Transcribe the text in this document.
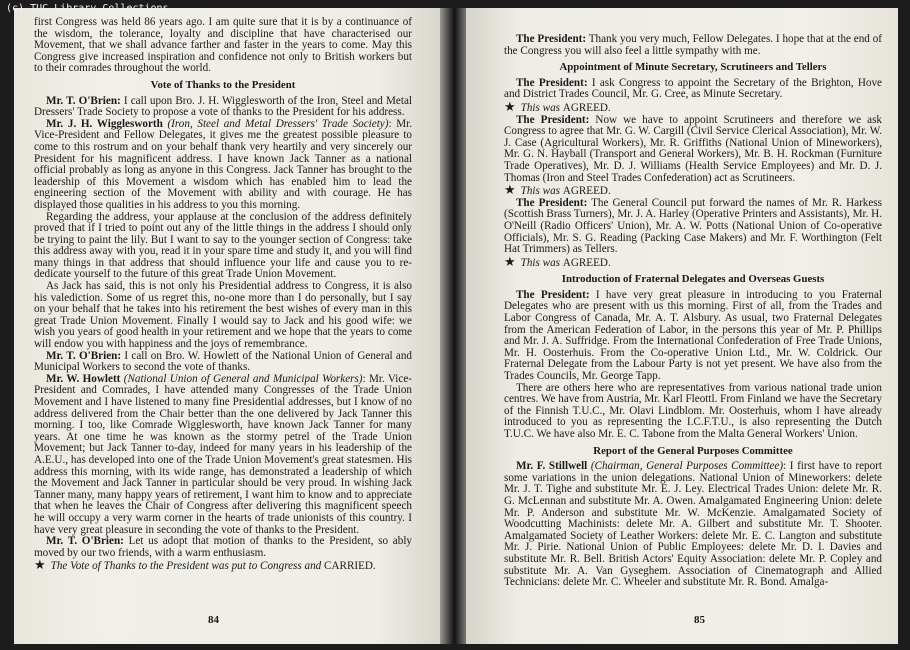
(c) TUC Library Collections

first Congress was held 86 years ago. I am quite sure that it is by a continuance of the wisdom, the tolerance, loyalty and discipline that have characterised our Movement, that we shall advance farther and faster in the years to come. May this Congress give increased inspiration and confidence not only to British workers but to their comrades throughout the world.

Vote of Thanks to the President

Mr. T. O'Brien: I call upon Bro. J. H. Wigglesworth of the Iron, Steel and Metal Dressers' Trade Society to propose a vote of thanks to the President for his address.

Mr. J. H. Wigglesworth (Iron, Steel and Metal Dressers' Trade Society): Mr. Vice-President and Fellow Delegates, it gives me the greatest possible pleasure to come to this rostrum and on your behalf thank very heartily and very sincerely our President for his magnificent address. I have known Jack Tanner as a national official probably as long as anyone in this Congress. Jack Tanner has brought to the leadership of this Movement a wisdom which has enabled him to lead the engineering section of the Movement with ability and with courage. He has displayed those qualities in his address to you this morning.

Regarding the address, your applause at the conclusion of the address definitely proved that if I tried to point out any of the little things in the address I should only be trying to paint the lily. But I want to say to the younger section of Congress: take this address away with you, read it in your spare time and study it, and you will find many things in that address that should influence your life and cause you to re-dedicate yourself to the future of this great Trade Union Movement.

As Jack has said, this is not only his Presidential address to Congress, it is also his valediction. Some of us regret this, no-one more than I do personally, but I say on your behalf that he takes into his retirement the best wishes of every man in this great Trade Union Movement. Finally I would say to Jack and his good wife: we wish you years of good health in your retirement and we hope that the years to come will endow you with happiness and the joys of remembrance.

Mr. T. O'Brien: I call on Bro. W. Howlett of the National Union of General and Municipal Workers to second the vote of thanks.

Mr. W. Howlett (National Union of General and Municipal Workers): Mr. Vice-President and Comrades, I have attended many Congresses of the Trade Union Movement and I have listened to many fine Presidential addresses, but I know of no address delivered from the Chair better than the one delivered by Jack Tanner this morning. I too, like Comrade Wigglesworth, have known Jack Tanner for many years. At one time he was known as the stormy petrel of the Trade Union Movement; but Jack Tanner to-day, indeed for many years in his leadership of the A.E.U., has developed into one of the Trade Union Movement's great statesmen. His address this morning, with its wide range, has demonstrated a leadership of which the Movement and Jack Tanner in particular should be very proud. In wishing Jack Tanner many, many happy years of retirement, I want him to know and to appreciate that when he leaves the Chair of Congress after delivering this magnificent speech he will occupy a very warm corner in the hearts of trade unionists of this country. I have very great pleasure in seconding the vote of thanks to the President.

Mr. T. O'Brien: Let us adopt that motion of thanks to the President, so ably moved by our two friends, with a warm enthusiasm.

★ The Vote of Thanks to the President was put to Congress and CARRIED.

84

The President: Thank you very much, Fellow Delegates. I hope that at the end of the Congress you will also feel a little sympathy with me.

Appointment of Minute Secretary, Scrutineers and Tellers

The President: I ask Congress to appoint the Secretary of the Brighton, Hove and District Trades Council, Mr. G. Cree, as Minute Secretary.

★ This was AGREED.

The President: Now we have to appoint Scrutineers and therefore we ask Congress to agree that Mr. G. W. Cargill (Civil Service Clerical Association), Mr. W. J. Case (Agricultural Workers), Mr. R. Griffiths (National Union of Mineworkers), Mr. G. N. Hayball (Transport and General Workers), Mr. B. H. Rockman (Furniture Trade Operatives), Mr. D. J. Williams (Health Service Employees) and Mr. D. J. Thomas (Iron and Steel Trades Confederation) act as Scrutineers.

★ This was AGREED.

The President: The General Council put forward the names of Mr. R. Harkess (Scottish Brass Turners), Mr. J. A. Harley (Operative Printers and Assistants), Mr. H. O'Neill (Radio Officers' Union), Mr. A. W. Potts (National Union of Co-operative Officials), Mr. S. G. Reading (Packing Case Makers) and Mr. F. Worthington (Felt Hat Trimmers) as Tellers.

★ This was AGREED.

Introduction of Fraternal Delegates and Overseas Guests

The President: I have very great pleasure in introducing to you Fraternal Delegates who are present with us this morning. First of all, from the Trades and Labor Congress of Canada, Mr. A. T. Alsbury. As usual, two Fraternal Delegates from the American Federation of Labor, in the persons this year of Mr. P. Phillips and Mr. J. A. Suffridge. From the International Confederation of Free Trade Unions, Mr. H. Oosterhuis. From the Co-operative Union Ltd., Mr. W. Coldrick. Our Fraternal Delegate from the Labour Party is not yet present. We have also from the Trades Councils, Mr. George Tapp.

There are others here who are representatives from various national trade union centres. We have from Austria, Mr. Karl Fleottl. From Finland we have the Secretary of the Finnish T.U.C., Mr. Olavi Lindblom. Mr. Oosterhuis, whom I have already introduced to you as representing the I.C.F.T.U., is also representing the Dutch T.U.C. We have also Mr. E. C. Tabone from the Malta General Workers' Union.

Report of the General Purposes Committee

Mr. F. Stillwell (Chairman, General Purposes Committee): I first have to report some variations in the union delegations. National Union of Mineworkers: delete Mr. J. T. Tighe and substitute Mr. E. J. Ley. Electrical Trades Union: delete Mr. R. G. McLennan and substitute Mr. A. Owen. Amalgamated Engineering Union: delete Mr. P. Anderson and substitute Mr. W. McKenzie. Amalgamated Society of Woodcutting Machinists: delete Mr. A. Gilbert and substitute Mr. T. Shooter. Amalgamated Society of Leather Workers: delete Mr. E. C. Langton and substitute Mr. J. Pirie. National Union of Public Employees: delete Mr. D. I. Davies and substitute Mr. R. Bell. British Actors' Equity Association: delete Mr. P. Copley and substitute Mr. A. Van Gyseghem. Association of Cinematograph and Allied Technicians: delete Mr. C. Wheeler and substitute Mr. R. Bond. Amalga-

85
